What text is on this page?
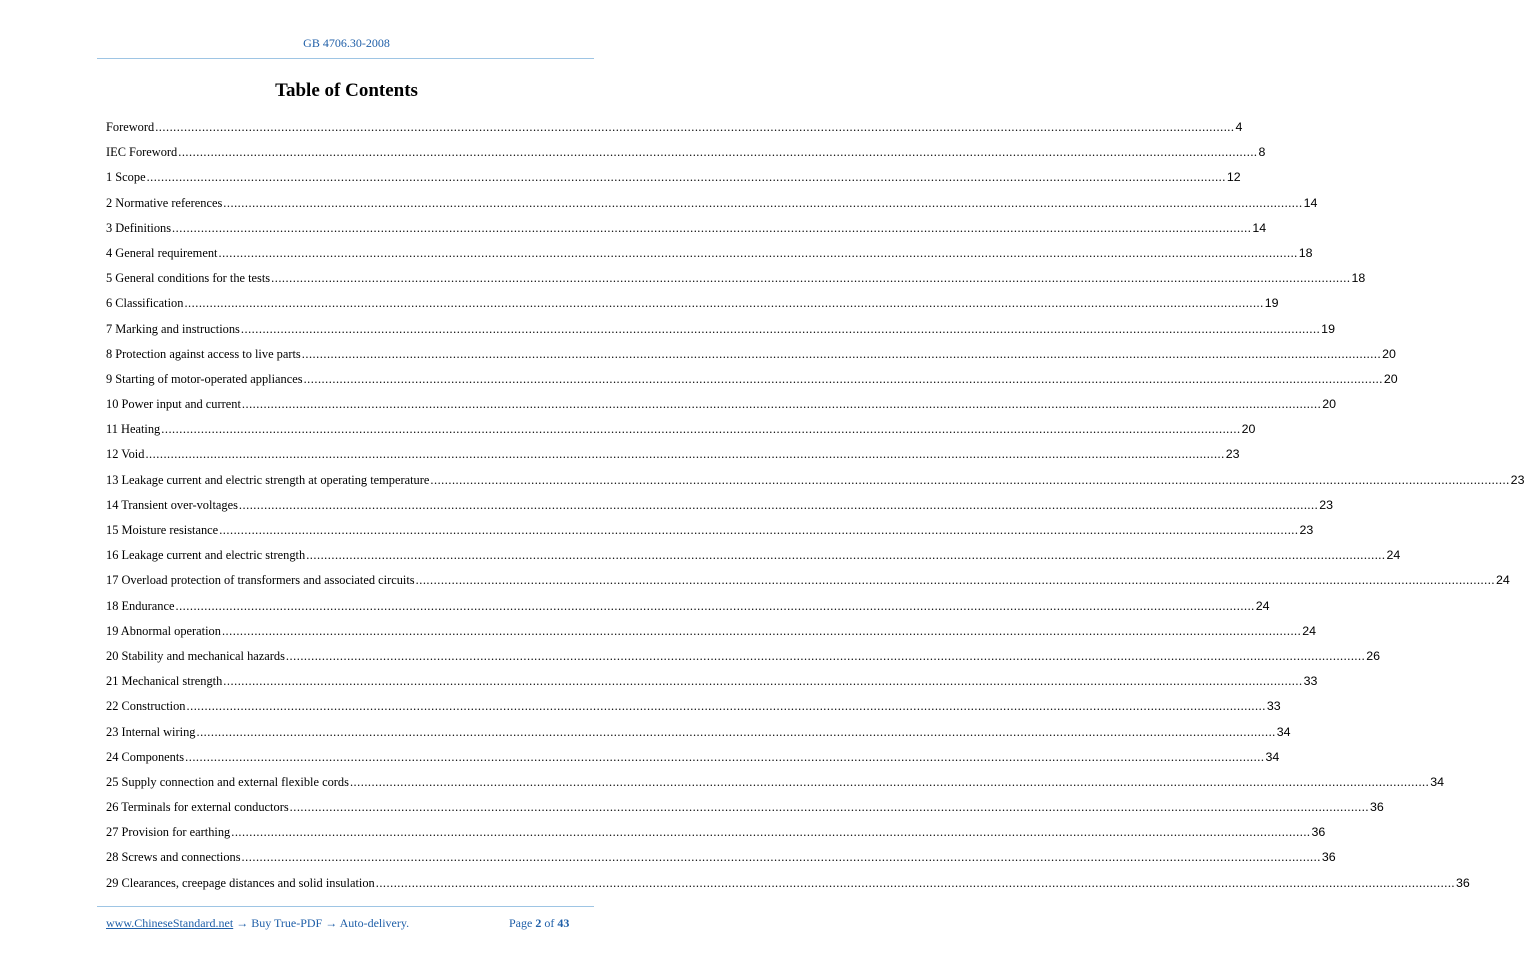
GB 4706.30-2008
Table of Contents
Foreword ............................................................................................................................................................................................................................................................................................................ 4
IEC Foreword ............................................................................................................................................................................................................................................................................................................ 8
1 Scope ............................................................................................................................................................................................................................................................................................................ 12
2 Normative references ............................................................................................................................................................................................................................................................................................................ 14
3 Definitions ............................................................................................................................................................................................................................................................................................................ 14
4 General requirement ............................................................................................................................................................................................................................................................................................................ 18
5 General conditions for the tests ............................................................................................................................................................................................................................................................................................................ 18
6 Classification ............................................................................................................................................................................................................................................................................................................ 19
7 Marking and instructions ............................................................................................................................................................................................................................................................................................................ 19
8 Protection against access to live parts ............................................................................................................................................................................................................................................................................................................ 20
9 Starting of motor-operated appliances ............................................................................................................................................................................................................................................................................................................ 20
10 Power input and current ............................................................................................................................................................................................................................................................................................................ 20
11 Heating ............................................................................................................................................................................................................................................................................................................ 20
12 Void ............................................................................................................................................................................................................................................................................................................ 23
13 Leakage current and electric strength at operating temperature ............................................................................................................................................................................................................................................................................................................ 23
14 Transient over-voltages ............................................................................................................................................................................................................................................................................................................ 23
15 Moisture resistance ............................................................................................................................................................................................................................................................................................................ 23
16 Leakage current and electric strength ............................................................................................................................................................................................................................................................................................................ 24
17 Overload protection of transformers and associated circuits ............................................................................................................................................................................................................................................................................................................ 24
18 Endurance ............................................................................................................................................................................................................................................................................................................ 24
19 Abnormal operation ............................................................................................................................................................................................................................................................................................................ 24
20 Stability and mechanical hazards ............................................................................................................................................................................................................................................................................................................ 26
21 Mechanical strength ............................................................................................................................................................................................................................................................................................................ 33
22 Construction ............................................................................................................................................................................................................................................................................................................ 33
23 Internal wiring ............................................................................................................................................................................................................................................................................................................ 34
24 Components ............................................................................................................................................................................................................................................................................................................ 34
25 Supply connection and external flexible cords ............................................................................................................................................................................................................................................................................................................ 34
26 Terminals for external conductors ............................................................................................................................................................................................................................................................................................................ 36
27 Provision for earthing ............................................................................................................................................................................................................................................................................................................ 36
28 Screws and connections ............................................................................................................................................................................................................................................................................................................ 36
29 Clearances, creepage distances and solid insulation ............................................................................................................................................................................................................................................................................................................ 36
www.ChineseStandard.net → Buy True-PDF → Auto-delivery.	Page 2 of 43
